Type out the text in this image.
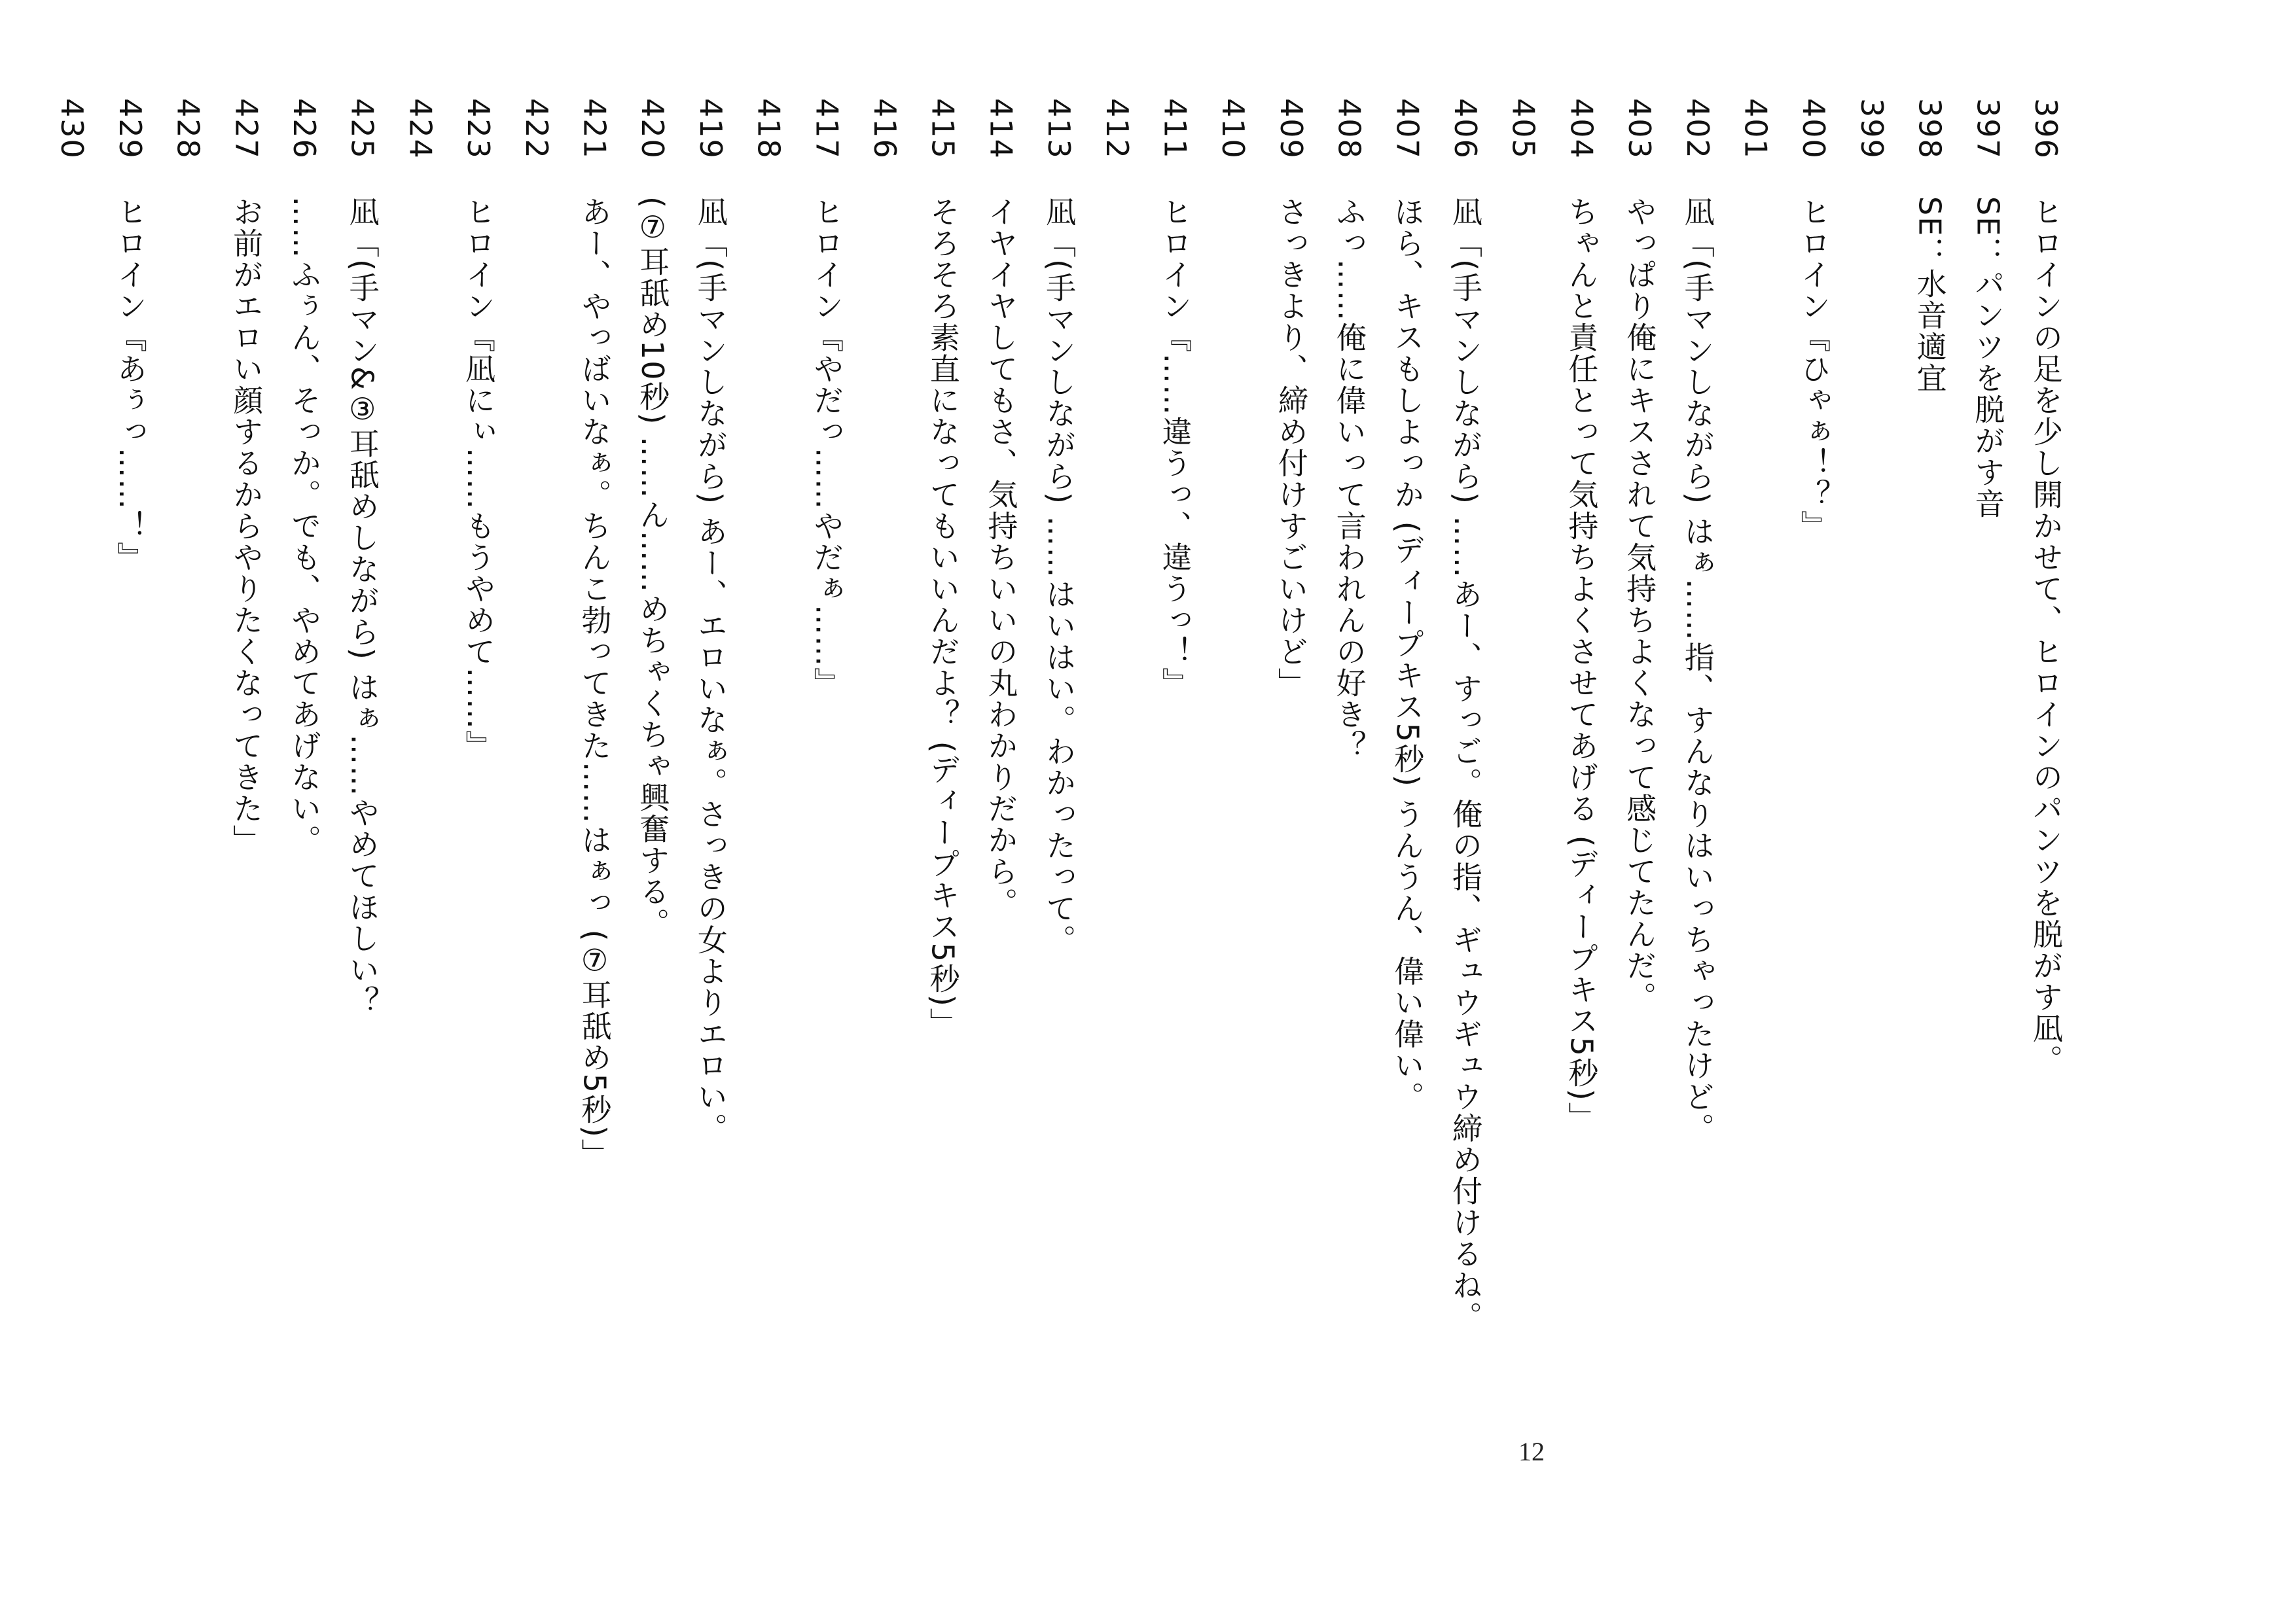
396
ヒロインの足を少し開かせて、ヒロインのパンツを脱がす凪。
397
SE：パンツを脱がす音
398
SE：水音適宜
399
400
ヒロイン『ひゃぁ！？』
401
402
凪「(手マンしながら) はぁ……指、すんなりはいっちゃったけど。
403
やっぱり俺にキスされて気持ちよくなって感じてたんだ。
404
ちゃんと責任とって気持ちよくさせてあげる (ディープキス5秒)」
405
406
凪「(手マンしながら) ……あー、すっご。俺の指、ギュウギュウ締め付けるね。
407
ほら、キスもしよっか (ディープキス5秒) うんうん、偉い偉い。
408
ふっ……俺に偉いって言われんの好き？
409
さっきより、締め付けすごいけど」
410
411
ヒロイン『……違うっ、違うっ！』
412
413
凪「(手マンしながら) ……はいはい。わかったって。
414
イヤイヤしてもさ、気持ちいいの丸わかりだから。
415
そろそろ素直になってもいいんだよ？ (ディープキス5秒)」
416
417
ヒロイン『やだっ……やだぁ……』
418
419
凪「(手マンしながら) あー、エロいなぁ。さっきの女よりエロい。
420
(⑦耳舐め10秒) ……ん……めちゃくちゃ興奮する。
421
あー、やっばいなぁ。ちんこ勃ってきた……はぁっ (⑦耳舐め5秒)」
422
423
ヒロイン『凪にぃ……もうやめて……』
424
425
凪「(手マン&③耳舐めしながら) はぁ……やめてほしい？
426
……ふぅん、そっか。でも、やめてあげない。
427
お前がエロい顔するからやりたくなってきた」
428
429
ヒロイン『あぅっ……！』
430
12
